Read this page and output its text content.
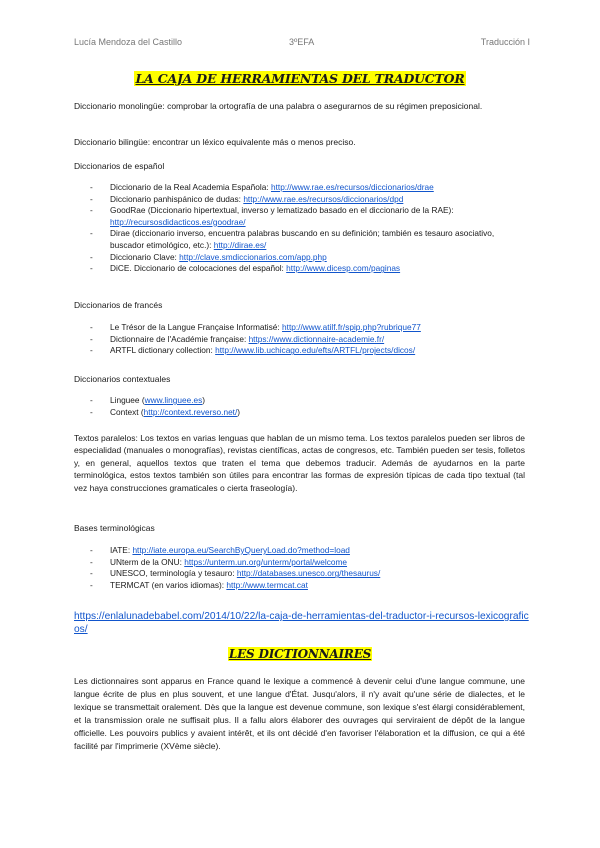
Lucía Mendoza del Castillo	3ºEFA	Traducción I
LA CAJA DE HERRAMIENTAS DEL TRADUCTOR
Diccionario monolingüe: comprobar la ortografía de una palabra o asegurarnos de su régimen preposicional.
Diccionario bilingüe: encontrar un léxico equivalente más o menos preciso.
Diccionarios de español
- Diccionario de la Real Academia Española: http://www.rae.es/recursos/diccionarios/drae
- Diccionario panhispánico de dudas: http://www.rae.es/recursos/diccionarios/dpd
- GoodRae (Diccionario hipertextual, inverso y lematizado basado en el diccionario de la RAE): http://recursosdidacticos.es/goodrae/
- Dirae (diccionario inverso, encuentra palabras buscando en su definición; también es tesauro asociativo, buscador etimológico, etc.): http://dirae.es/
- Diccionario Clave: http://clave.smdiccionarios.com/app.php
- DiCE. Diccionario de colocaciones del español: http://www.dicesp.com/paginas
Diccionarios de francés
- Le Trésor de la Langue Française Informatisé: http://www.atilf.fr/spip.php?rubrique77
- Dictionnaire de l'Académie française: https://www.dictionnaire-academie.fr/
- ARTFL dictionary collection: http://www.lib.uchicago.edu/efts/ARTFL/projects/dicos/
Diccionarios contextuales
- Linguee (www.linguee.es)
- Context (http://context.reverso.net/)
Textos paralelos: Los textos en varias lenguas que hablan de un mismo tema. Los textos paralelos pueden ser libros de especialidad (manuales o monografías), revistas científicas, actas de congresos, etc. También pueden ser tesis, folletos y, en general, aquellos textos que traten el tema que debemos traducir. Además de ayudarnos en la parte terminológica, estos textos también son útiles para encontrar las formas de expresión típicas de cada tipo textual (tal vez haya construcciones gramaticales o cierta fraseología).
Bases terminológicas
- IATE: http://iate.europa.eu/SearchByQueryLoad.do?method=load
- UNterm de la ONU: https://unterm.un.org/unterm/portal/welcome
- UNESCO, terminología y tesauro: http://databases.unesco.org/thesaurus/
- TERMCAT (en varios idiomas): http://www.termcat.cat
https://enlalunadebabel.com/2014/10/22/la-caja-de-herramientas-del-traductor-i-recursos-lexicograficos/
LES DICTIONNAIRES
Les dictionnaires sont apparus en France quand le lexique a commencé à devenir celui d'une langue commune, une langue écrite de plus en plus souvent, et une langue d'État. Jusqu'alors, il n'y avait qu'une série de dialectes, et le lexique se transmettait oralement. Dès que la langue est devenue commune, son lexique s'est élargi considérablement, et la transmission orale ne suffisait plus. Il a fallu alors élaborer des ouvrages qui serviraient de dépôt de la langue officielle. Les pouvoirs publics y avaient intérêt, et ils ont décidé d'en favoriser l'élaboration et la diffusion, ce qui a été facilité par l'imprimerie (XVème siècle).
